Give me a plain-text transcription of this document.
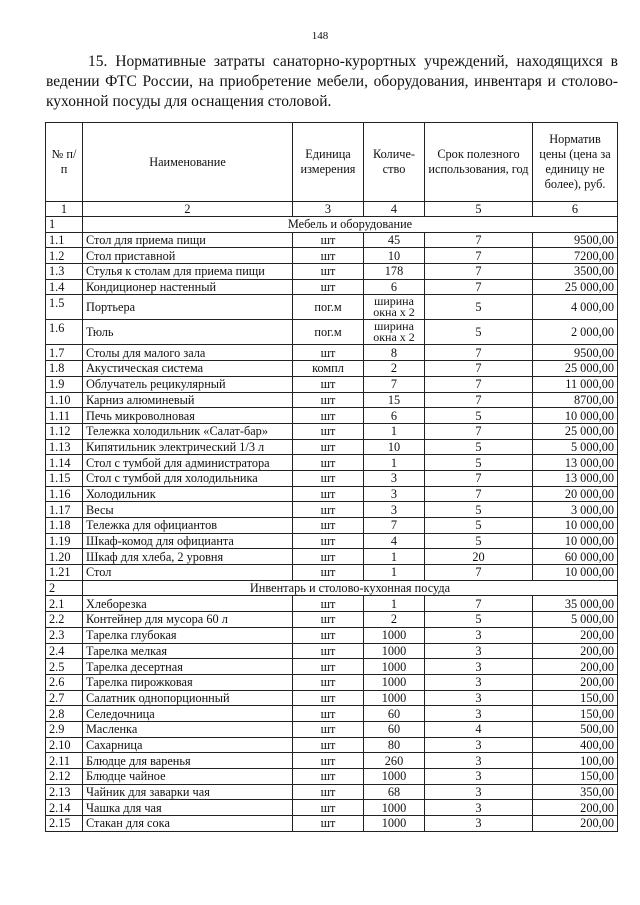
148

15. Нормативные затраты санаторно-курортных учреждений, находящихся в ведении ФТС России, на приобретение мебели, оборудования, инвентаря и столово-кухонной посуды для оснащения столовой.

№ п/п	Наименование	Единица измерения	Количе-ство	Срок полезного использования, год	Норматив цены (цена за единицу не более), руб.
1	2	3	4	5	6
1	Мебель и оборудование				
1.1	Стол для приема пищи	шт	45	7	9500,00
1.2	Стол приставной	шт	10	7	7200,00
1.3	Стулья к столам для приема пищи	шт	178	7	3500,00
1.4	Кондиционер настенный	шт	6	7	25 000,00
1.5	Портьера	пог.м	ширина окна х 2	5	4 000,00
1.6	Тюль	пог.м	ширина окна х 2	5	2 000,00
1.7	Столы для малого зала	шт	8	7	9500,00
1.8	Акустическая система	компл	2	7	25 000,00
1.9	Облучатель рецикулярный	шт	7	7	11 000,00
1.10	Карниз алюминевый	шт	15	7	8700,00
1.11	Печь микроволновая	шт	6	5	10 000,00
1.12	Тележка холодильник «Салат-бар»	шт	1	7	25 000,00
1.13	Кипятильник электрический 1/3 л	шт	10	5	5 000,00
1.14	Стол с тумбой для администратора	шт	1	5	13 000,00
1.15	Стол с тумбой для холодильника	шт	3	7	13 000,00
1.16	Холодильник	шт	3	7	20 000,00
1.17	Весы	шт	3	5	3 000,00
1.18	Тележка для официантов	шт	7	5	10 000,00
1.19	Шкаф-комод для официанта	шт	4	5	10 000,00
1.20	Шкаф для хлеба, 2 уровня	шт	1	20	60 000,00
1.21	Стол	шт	1	7	10 000,00
2	Инвентарь и столово-кухонная посуда				
2.1	Хлеборезка	шт	1	7	35 000,00
2.2	Контейнер для мусора 60 л	шт	2	5	5 000,00
2.3	Тарелка глубокая	шт	1000	3	200,00
2.4	Тарелка мелкая	шт	1000	3	200,00
2.5	Тарелка десертная	шт	1000	3	200,00
2.6	Тарелка пирожковая	шт	1000	3	200,00
2.7	Салатник однопорционный	шт	1000	3	150,00
2.8	Селедочница	шт	60	3	150,00
2.9	Масленка	шт	60	4	500,00
2.10	Сахарница	шт	80	3	400,00
2.11	Блюдце для варенья	шт	260	3	100,00
2.12	Блюдце чайное	шт	1000	3	150,00
2.13	Чайник для заварки чая	шт	68	3	350,00
2.14	Чашка для чая	шт	1000	3	200,00
2.15	Стакан для сока	шт	1000	3	200,00
